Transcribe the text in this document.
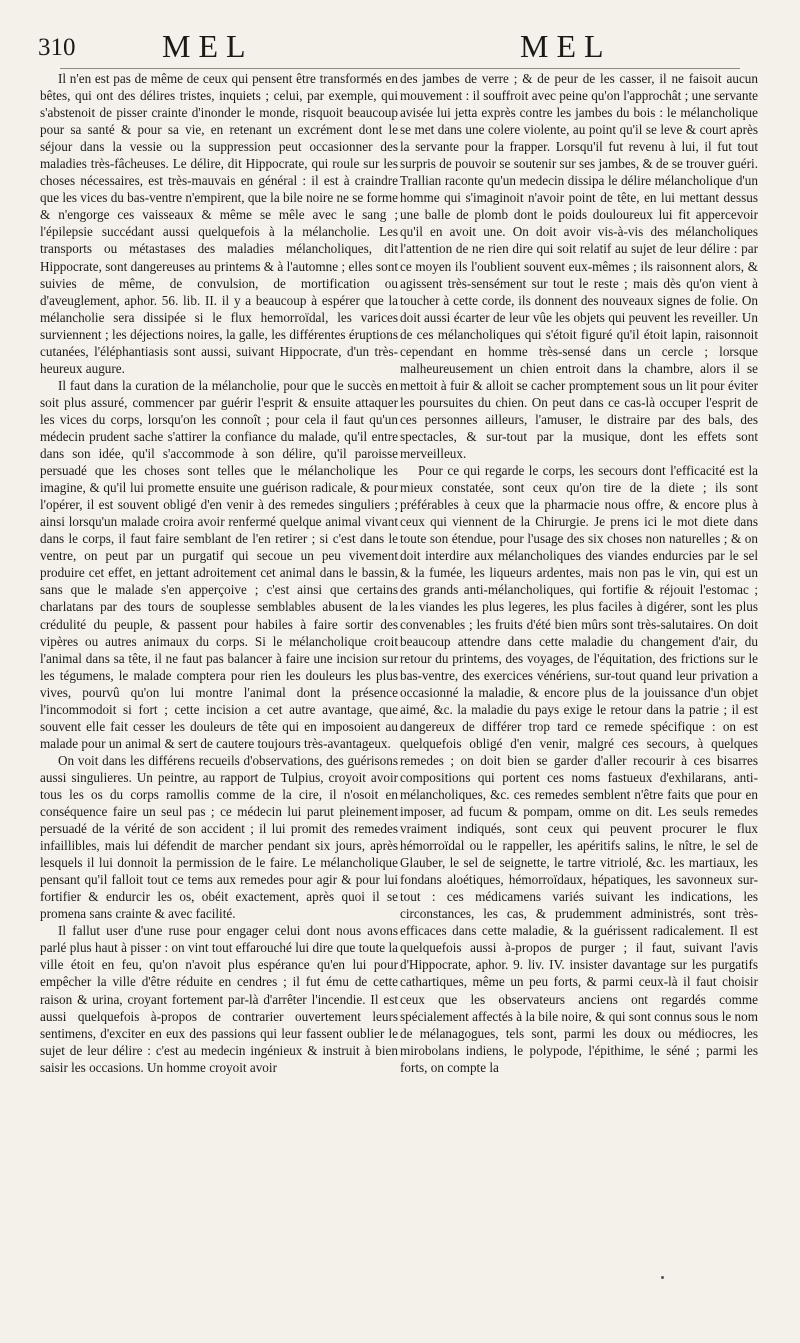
310	MEL	MEL

Il n'en est pas de même de ceux qui pensent être transformés en bêtes, qui ont des délires tristes, inquiets ; celui, par exemple, qui s'abstenoit de pisser crainte d'inonder le monde, risquoit beaucoup pour sa santé & pour sa vie, en retenant un excrément dont le séjour dans la vessie ou la suppression peut occasionner des maladies très-fâcheuses. Le délire, dit Hippocrate, qui roule sur les choses nécessaires, est très-mauvais en général : il est à craindre que les vices du bas-ventre n'empirent, que la bile noire ne se forme & n'engorge ces vaisseaux & même se mêle avec le sang ; l'épilepsie succédant aussi quelquefois à la mélancholie. Les transports ou métastases des maladies mélancholiques, dit Hippocrate, sont dangereuses au printems & à l'automne ; elles sont suivies de même, de convulsion, de mortification ou d'aveuglement, aphor. 56. lib. II. il y a beaucoup à espérer que la mélancholie sera dissipée si le flux hemorroïdal, les varices surviennent ; les déjections noires, la galle, les différentes éruptions cutanées, l'éléphantiasis sont aussi, suivant Hippocrate, d'un très-heureux augure.

Il faut dans la curation de la mélancholie, pour que le succès en soit plus assuré, commencer par guérir l'esprit & ensuite attaquer les vices du corps, lorsqu'on les connoît ; pour cela il faut qu'un médecin prudent sache s'attirer la confiance du malade, qu'il entre dans son idée, qu'il s'accommode à son délire, qu'il paroisse persuadé que les choses sont telles que le mélancholique les imagine, & qu'il lui promette ensuite une guérison radicale, & pour l'opérer, il est souvent obligé d'en venir à des remedes singuliers ; ainsi lorsqu'un malade croira avoir renfermé quelque animal vivant dans le corps, il faut faire semblant de l'en retirer ; si c'est dans le ventre, on peut par un purgatif qui secoue un peu vivement produire cet effet, en jettant adroitement cet animal dans le bassin, sans que le malade s'en apperçoive ; c'est ainsi que certains charlatans par des tours de souplesse semblables abusent de la crédulité du peuple, & passent pour habiles à faire sortir des vipères ou autres animaux du corps. Si le mélancholique croit l'animal dans sa tête, il ne faut pas balancer à faire une incision sur les tégumens, le malade comptera pour rien les douleurs les plus vives, pourvû qu'on lui montre l'animal dont la présence l'incommodoit si fort ; cette incision a cet autre avantage, que souvent elle fait cesser les douleurs de tête qui en imposoient au malade pour un animal & sert de cautere toujours très-avantageux.

On voit dans les différens recueils d'observations, des guérisons aussi singulieres. Un peintre, au rapport de Tulpius, croyoit avoir tous les os du corps ramollis comme de la cire, il n'osoit en conséquence faire un seul pas ; ce médecin lui parut pleinement persuadé de la vérité de son accident ; il lui promit des remedes infaillibles, mais lui défendit de marcher pendant six jours, après lesquels il lui donnoit la permission de le faire. Le mélancholique pensant qu'il falloit tout ce tems aux remedes pour agir & pour lui fortifier & endurcir les os, obéit exactement, après quoi il se promena sans crainte & avec facilité.

Il fallut user d'une ruse pour engager celui dont nous avons parlé plus haut à pisser : on vint tout effarouché lui dire que toute la ville étoit en feu, qu'on n'avoit plus espérance qu'en lui pour empêcher la ville d'être réduite en cendres ; il fut ému de cette raison & urina, croyant fortement par-là d'arrêter l'incendie. Il est aussi quelquefois à-propos de contrarier ouvertement leurs sentimens, d'exciter en eux des passions qui leur fassent oublier le sujet de leur délire : c'est au medecin ingénieux & instruit à bien saisir les occasions. Un homme croyoit avoir

des jambes de verre ; & de peur de les casser, il ne faisoit aucun mouvement : il souffroit avec peine qu'on l'approchât ; une servante avisée lui jetta exprès contre les jambes du bois : le mélancholique se met dans une colere violente, au point qu'il se leve & court après la servante pour la frapper. Lorsqu'il fut revenu à lui, il fut tout surpris de pouvoir se soutenir sur ses jambes, & de se trouver guéri. Trallian raconte qu'un medecin dissipa le délire mélancholique d'un homme qui s'imaginoit n'avoir point de tête, en lui mettant dessus une balle de plomb dont le poids douloureux lui fit appercevoir qu'il en avoit une. On doit avoir vis-à-vis des mélancholiques l'attention de ne rien dire qui soit relatif au sujet de leur délire : par ce moyen ils l'oublient souvent eux-mêmes ; ils raisonnent alors, & agissent très-sensément sur tout le reste ; mais dès qu'on vient à toucher à cette corde, ils donnent des nouveaux signes de folie. On doit aussi écarter de leur vûe les objets qui peuvent les reveiller. Un de ces mélancholiques qui s'étoit figuré qu'il étoit lapin, raisonnoit cependant en homme très-sensé dans un cercle ; lorsque malheureusement un chien entroit dans la chambre, alors il se mettoit à fuir & alloit se cacher promptement sous un lit pour éviter les poursuites du chien. On peut dans ce cas-là occuper l'esprit de ces personnes ailleurs, l'amuser, le distraire par des bals, des spectacles, & sur-tout par la musique, dont les effets sont merveilleux.

Pour ce qui regarde le corps, les secours dont l'efficacité est la mieux constatée, sont ceux qu'on tire de la diete ; ils sont préférables à ceux que la pharmacie nous offre, & encore plus à ceux qui viennent de la Chirurgie. Je prens ici le mot diete dans toute son étendue, pour l'usage des six choses non naturelles ; & on doit interdire aux mélancholiques des viandes endurcies par le sel & la fumée, les liqueurs ardentes, mais non pas le vin, qui est un des grands anti-mélancholiques, qui fortifie & réjouit l'estomac ; les viandes les plus legeres, les plus faciles à digérer, sont les plus convenables ; les fruits d'été bien mûrs sont très-salutaires. On doit beaucoup attendre dans cette maladie du changement d'air, du retour du printems, des voyages, de l'équitation, des frictions sur le bas-ventre, des exercices vénériens, sur-tout quand leur privation a occasionné la maladie, & encore plus de la jouissance d'un objet aimé, &c. la maladie du pays exige le retour dans la patrie ; il est dangereux de différer trop tard ce remede spécifique : on est quelquefois obligé d'en venir, malgré ces secours, à quelques remedes ; on doit bien se garder d'aller recourir à ces bisarres compositions qui portent ces noms fastueux d'exhilarans, anti-mélancholiques, &c. ces remedes semblent n'être faits que pour en imposer, ad fucum & pompam, omme on dit. Les seuls remedes vraiment indiqués, sont ceux qui peuvent procurer le flux hémorroïdal ou le rappeller, les apéritifs salins, le nître, le sel de Glauber, le sel de seignette, le tartre vitriolé, &c. les martiaux, les fondans aloétiques, hémorroïdaux, hépatiques, les savonneux sur-tout : ces médicamens variés suivant les indications, les circonstances, les cas, & prudemment administrés, sont très-efficaces dans cette maladie, & la guérissent radicalement. Il est quelquefois aussi à-propos de purger ; il faut, suivant l'avis d'Hippocrate, aphor. 9. liv. IV. insister davantage sur les purgatifs cathartiques, même un peu forts, & parmi ceux-là il faut choisir ceux que les observateurs anciens ont regardés comme spécialement affectés à la bile noire, & qui sont connus sous le nom de mélanagogues, tels sont, parmi les doux ou médiocres, les mirobolans indiens, le polypode, l'épithime, le séné ; parmi les forts, on compte la
